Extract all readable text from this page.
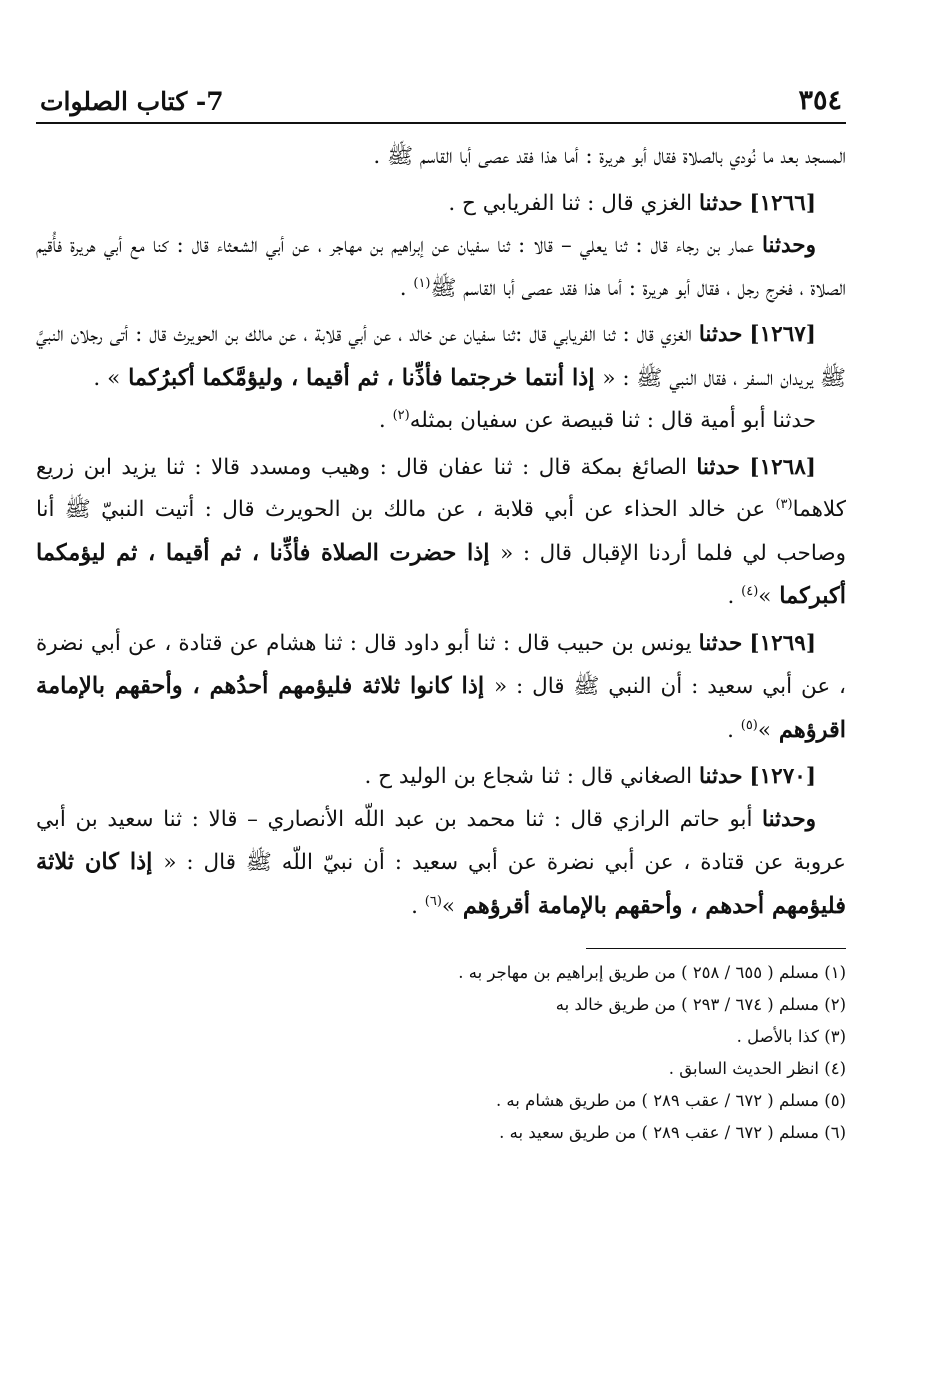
٣٥٤
7- كتاب الصلوات

المسجد بعد ما نُودي بالصلاة فقال أبو هريرة : أما هذا فقد عصى أبا القاسم ﷺ .

[١٢٦٦] حدثنا الغزي قال : ثنا الفريابي ح .

وحدثنا عمار بن رجاء قال : ثنا يعلي – قالا : ثنا سفيان عن إبراهيم بن مهاجر ، عن أبي الشعثاء قال : كنا مع أبي هريرة فأُقيم الصلاة ، فخرج رجل ، فقال أبو هريرة : أما هذا فقد عصى أبا القاسم ﷺ$^{(١)}$ .

[١٢٦٧] حدثنا الغزي قال : ثنا الفريابي قال :ثنا سفيان عن خالد ، عن أبي قلابة ، عن مالك بن الحويرث قال : أتى رجلان النبيَّ ﷺ يريدان السفر ، فقال النبي ﷺ : « إذا أنتما خرجتما فأذِّنا ، ثم أقيما ، وليؤمَّكما أكبرُكما » .

حدثنا أبو أمية قال : ثنا قبيصة عن سفيان بمثله$^{(٢)}$ .

[١٢٦٨] حدثنا الصائغ بمكة قال : ثنا عفان قال : وهيب ومسدد قالا : ثنا يزيد ابن زريع كلاهما$^{(٣)}$ عن خالد الحذاء عن أبي قلابة ، عن مالك بن الحويرث قال : أتيت النبيّ ﷺ أنا وصاحب لي فلما أردنا الإقبال قال : « إذا حضرت الصلاة فأذِّنا ، ثم أقيما ، ثم ليؤمكما أكبركما »$^{(٤)}$ .

[١٢٦٩] حدثنا يونس بن حبيب قال : ثنا أبو داود قال : ثنا هشام عن قتادة ، عن أبي نضرة ، عن أبي سعيد : أن النبي ﷺ قال : « إذا كانوا ثلاثة فليؤمهم أحدُهم ، وأحقهم بالإمامة اقرؤهم »$^{(٥)}$ .

[١٢٧٠] حدثنا الصغاني قال : ثنا شجاع بن الوليد ح .

وحدثنا أبو حاتم الرازي قال : ثنا محمد بن عبد اللّه الأنصاري – قالا : ثنا سعيد بن أبي عروبة عن قتادة ، عن أبي نضرة عن أبي سعيد : أن نبيّ اللّه ﷺ قال : « إذا كان ثلاثة فليؤمهم أحدهم ، وأحقهم بالإمامة أقرؤهم »$^{(٦)}$ .

(١) مسلم ( ٦٥٥ / ٢٥٨ ) من طريق إبراهيم بن مهاجر به .
(٢) مسلم ( ٦٧٤ / ٢٩٣ ) من طريق خالد به
(٣) كذا بالأصل .
(٤) انظر الحديث السابق .
(٥) مسلم ( ٦٧٢ / عقب ٢٨٩ ) من طريق هشام به .
(٦) مسلم ( ٦٧٢ / عقب ٢٨٩ ) من طريق سعيد به .
